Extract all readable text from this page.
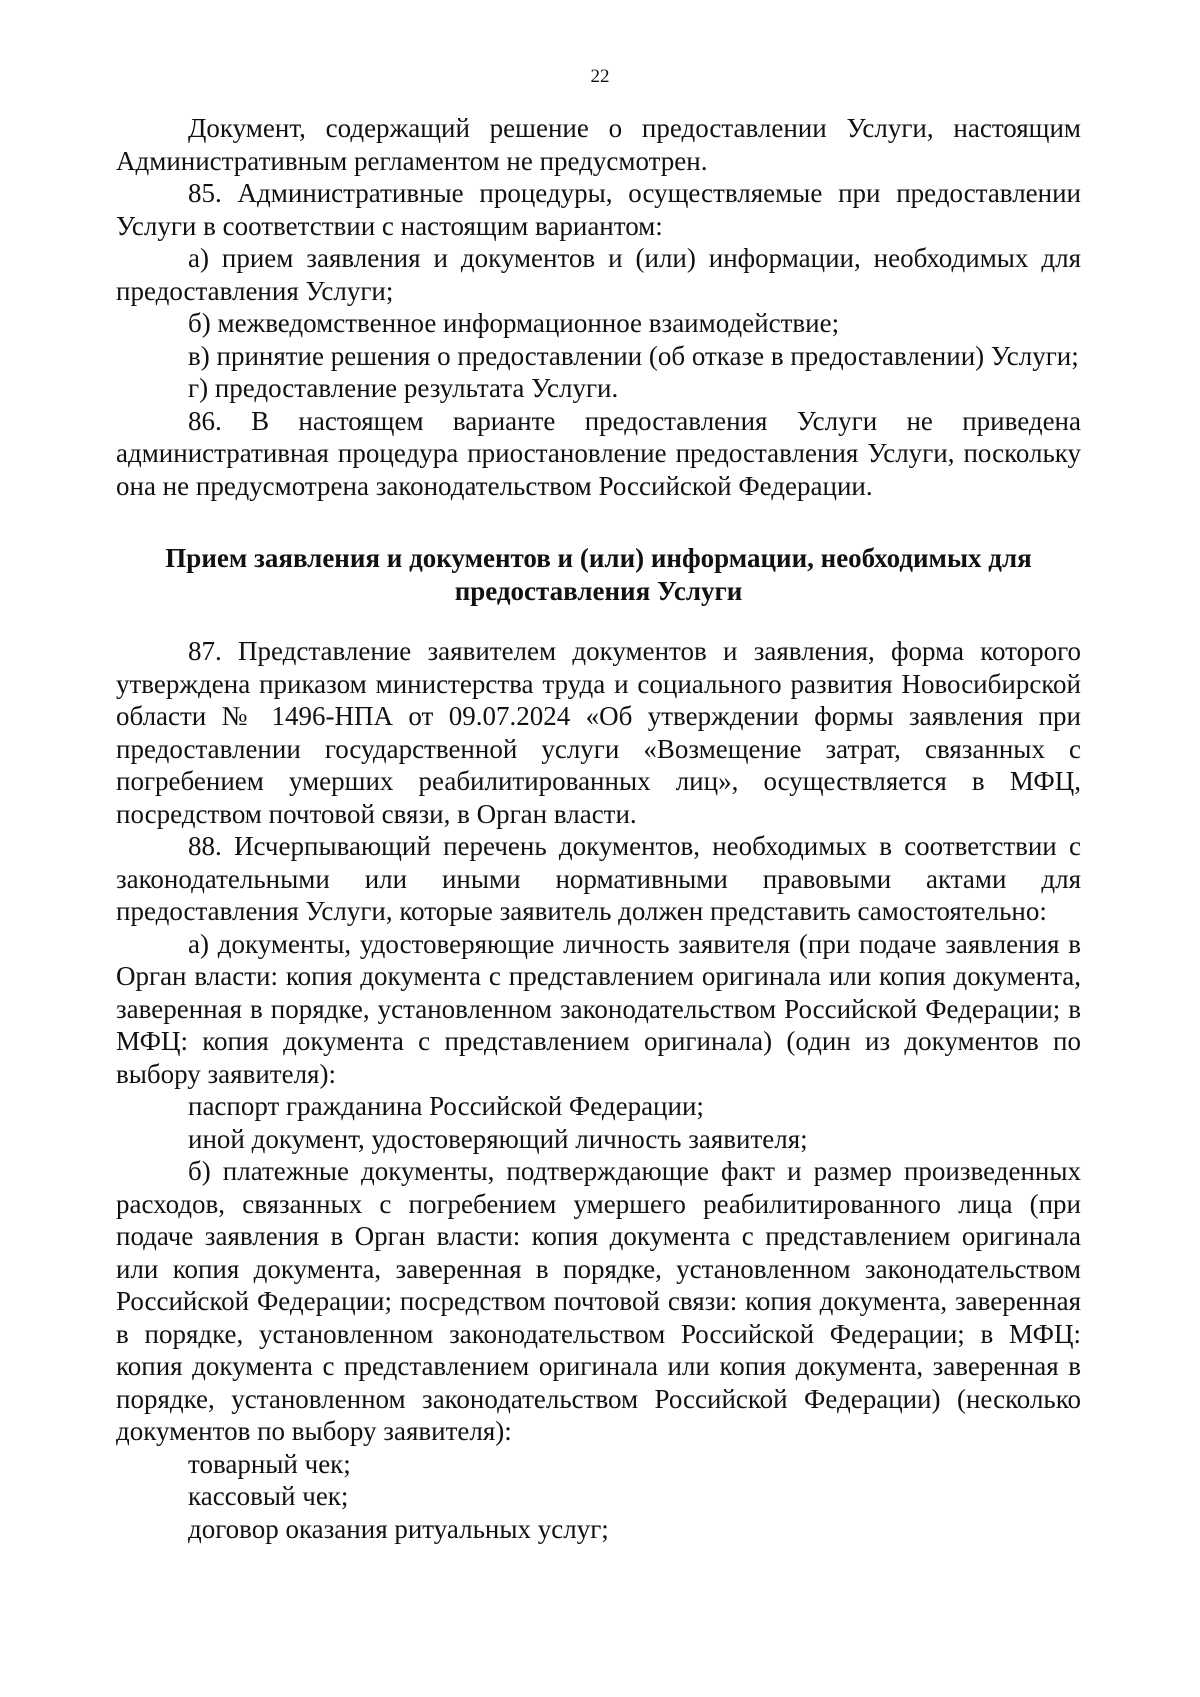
22

Документ, содержащий решение о предоставлении Услуги, настоящим Административным регламентом не предусмотрен.

85. Административные процедуры, осуществляемые при предоставлении Услуги в соответствии с настоящим вариантом:

а) прием заявления и документов и (или) информации, необходимых для предоставления Услуги;

б) межведомственное информационное взаимодействие;

в) принятие решения о предоставлении (об отказе в предоставлении) Услуги;

г) предоставление результата Услуги.

86. В настоящем варианте предоставления Услуги не приведена административная процедура приостановление предоставления Услуги, поскольку она не предусмотрена законодательством Российской Федерации.

Прием заявления и документов и (или) информации, необходимых для предоставления Услуги

87. Представление заявителем документов и заявления, форма которого утверждена приказом министерства труда и социального развития Новосибирской области № 1496-НПА от 09.07.2024 «Об утверждении формы заявления при предоставлении государственной услуги «Возмещение затрат, связанных с погребением умерших реабилитированных лиц», осуществляется в МФЦ, посредством почтовой связи, в Орган власти.

88. Исчерпывающий перечень документов, необходимых в соответствии с законодательными или иными нормативными правовыми актами для предоставления Услуги, которые заявитель должен представить самостоятельно:

а) документы, удостоверяющие личность заявителя (при подаче заявления в Орган власти: копия документа с представлением оригинала или копия документа, заверенная в порядке, установленном законодательством Российской Федерации; в МФЦ: копия документа с представлением оригинала) (один из документов по выбору заявителя):

паспорт гражданина Российской Федерации;

иной документ, удостоверяющий личность заявителя;

б) платежные документы, подтверждающие факт и размер произведенных расходов, связанных с погребением умершего реабилитированного лица (при подаче заявления в Орган власти: копия документа с представлением оригинала или копия документа, заверенная в порядке, установленном законодательством Российской Федерации; посредством почтовой связи: копия документа, заверенная в порядке, установленном законодательством Российской Федерации; в МФЦ: копия документа с представлением оригинала или копия документа, заверенная в порядке, установленном законодательством Российской Федерации) (несколько документов по выбору заявителя):

товарный чек;

кассовый чек;

договор оказания ритуальных услуг;
